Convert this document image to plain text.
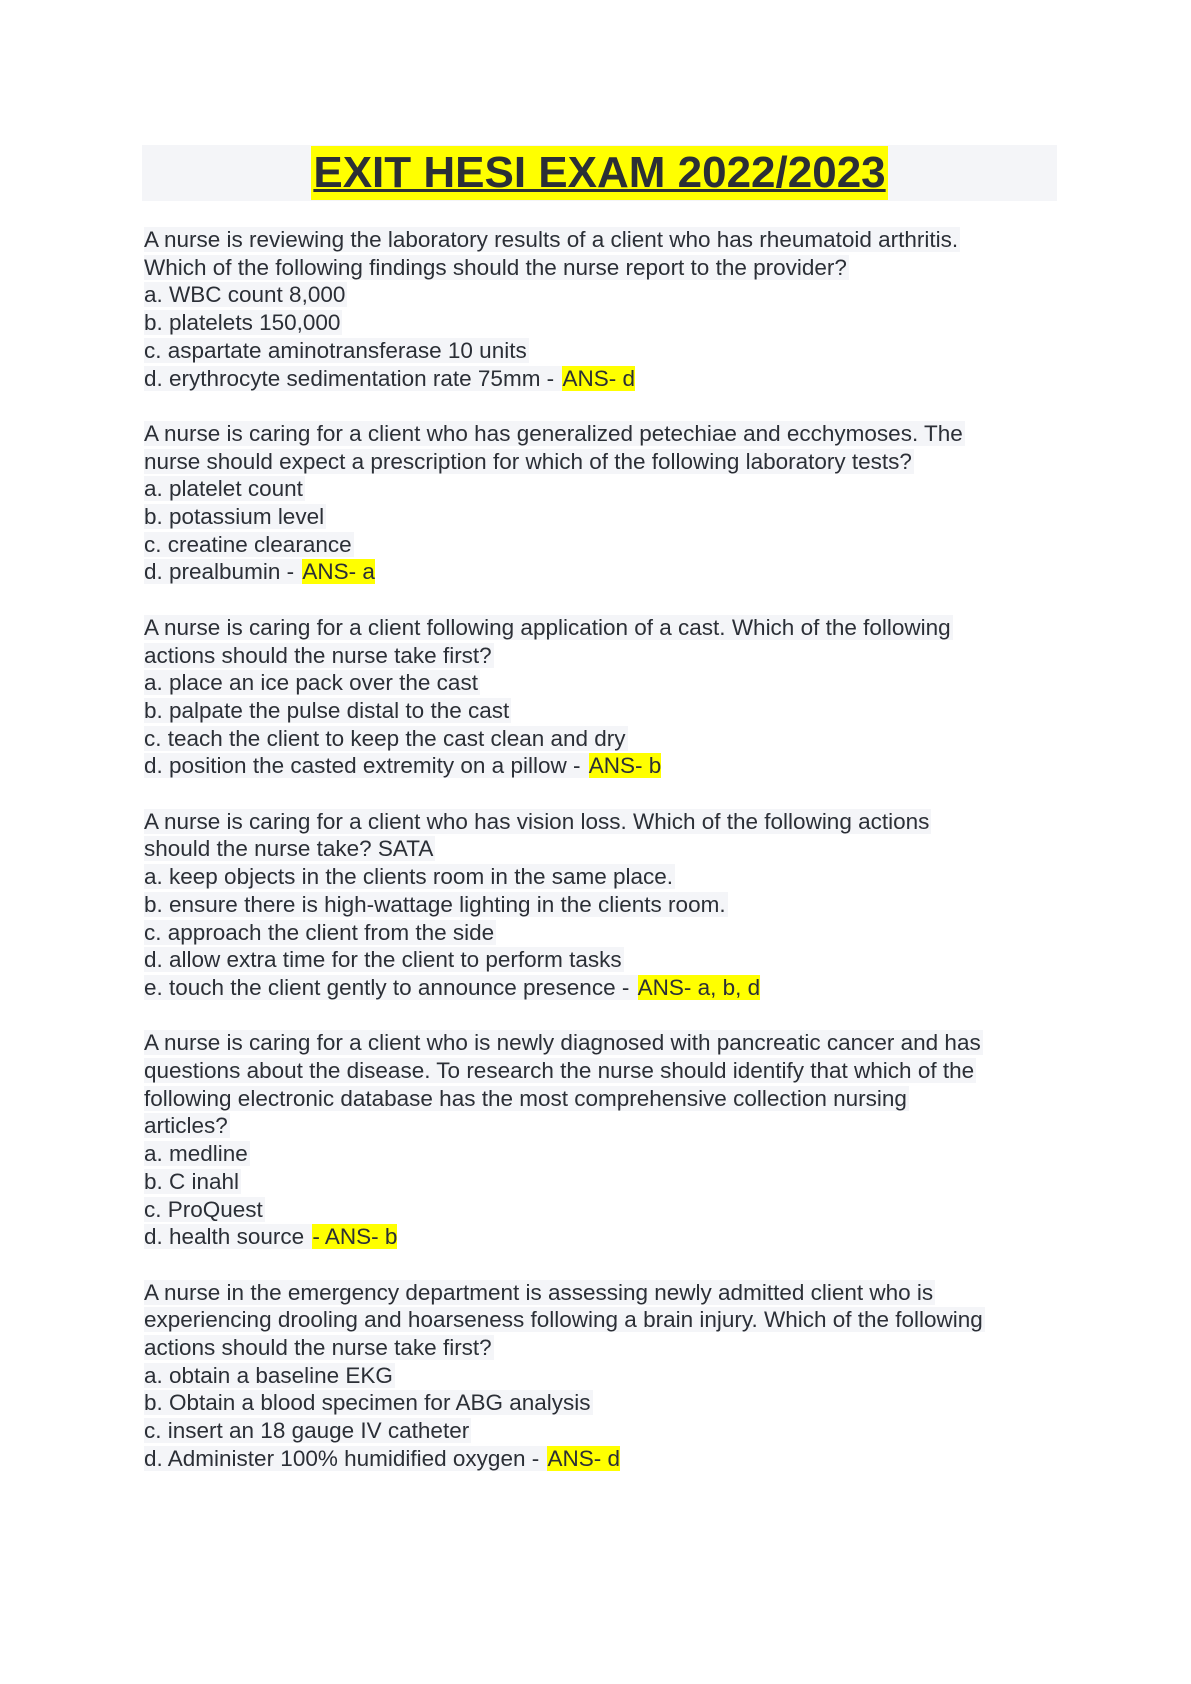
EXIT HESI EXAM 2022/2023
A nurse is reviewing the laboratory results of a client who has rheumatoid arthritis.
Which of the following findings should the nurse report to the provider?
a. WBC count 8,000
b. platelets 150,000
c. aspartate aminotransferase 10 units
d. erythrocyte sedimentation rate 75mm - ANS- d
A nurse is caring for a client who has generalized petechiae and ecchymoses. The
nurse should expect a prescription for which of the following laboratory tests?
a. platelet count
b. potassium level
c. creatine clearance
d. prealbumin - ANS- a
A nurse is caring for a client following application of a cast. Which of the following
actions should the nurse take first?
a. place an ice pack over the cast
b. palpate the pulse distal to the cast
c. teach the client to keep the cast clean and dry
d. position the casted extremity on a pillow - ANS- b
A nurse is caring for a client who has vision loss. Which of the following actions
should the nurse take? SATA
a. keep objects in the clients room in the same place.
b. ensure there is high-wattage lighting in the clients room.
c. approach the client from the side
d. allow extra time for the client to perform tasks
e. touch the client gently to announce presence - ANS- a, b, d
A nurse is caring for a client who is newly diagnosed with pancreatic cancer and has
questions about the disease. To research the nurse should identify that which of the
following electronic database has the most comprehensive collection nursing
articles?
a. medline
b. C inahl
c. ProQuest
d. health source - ANS- b
A nurse in the emergency department is assessing newly admitted client who is
experiencing drooling and hoarseness following a brain injury. Which of the following
actions should the nurse take first?
a. obtain a baseline EKG
b. Obtain a blood specimen for ABG analysis
c. insert an 18 gauge IV catheter
d. Administer 100% humidified oxygen - ANS- d
